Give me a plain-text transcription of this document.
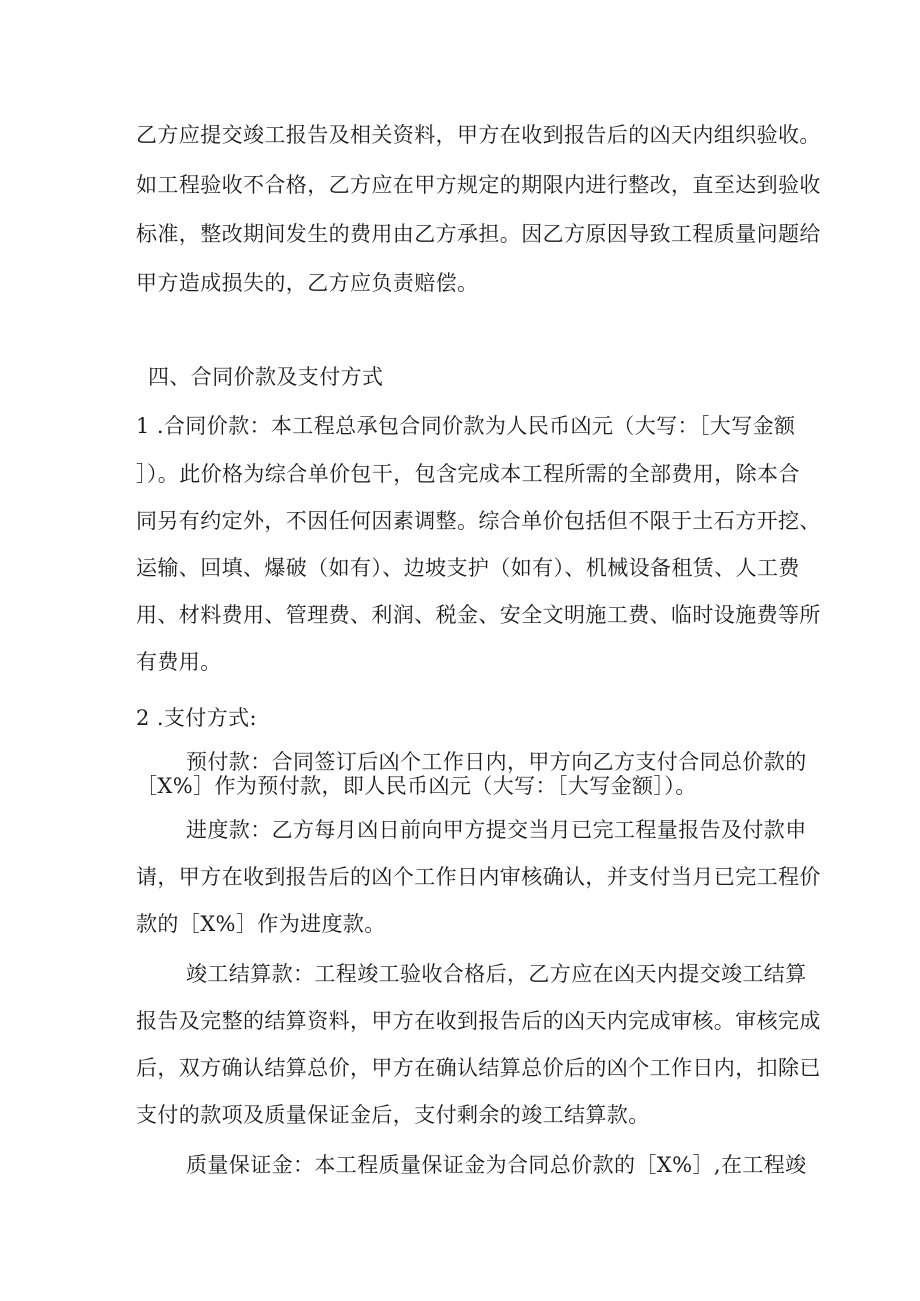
乙方应提交竣工报告及相关资料，甲方在收到报告后的凶天内组织验收。
如工程验收不合格，乙方应在甲方规定的期限内进行整改，直至达到验收
标准，整改期间发生的费用由乙方承担。因乙方原因导致工程质量问题给
甲方造成损失的，乙方应负责赔偿。
四、合同价款及支付方式
1 .合同价款：本工程总承包合同价款为人民币凶元（大写：［大写金额
］）。此价格为综合单价包干，包含完成本工程所需的全部费用，除本合
同另有约定外，不因任何因素调整。综合单价包括但不限于土石方开挖、
运输、回填、爆破（如有）、边坡支护（如有）、机械设备租赁、人工费
用、材料费用、管理费、利润、税金、安全文明施工费、临时设施费等所
有费用。
2 .支付方式:
预付款：合同签订后凶个工作日内，甲方向乙方支付合同总价款的
［X%］作为预付款，即人民币凶元（大写：［大写金额］）。
进度款：乙方每月凶日前向甲方提交当月已完工程量报告及付款申
请，甲方在收到报告后的凶个工作日内审核确认，并支付当月已完工程价
款的［X%］作为进度款。
竣工结算款：工程竣工验收合格后，乙方应在凶天内提交竣工结算
报告及完整的结算资料，甲方在收到报告后的凶天内完成审核。审核完成
后，双方确认结算总价，甲方在确认结算总价后的凶个工作日内，扣除已
支付的款项及质量保证金后，支付剩余的竣工结算款。
质量保证金：本工程质量保证金为合同总价款的［X%］,在工程竣
